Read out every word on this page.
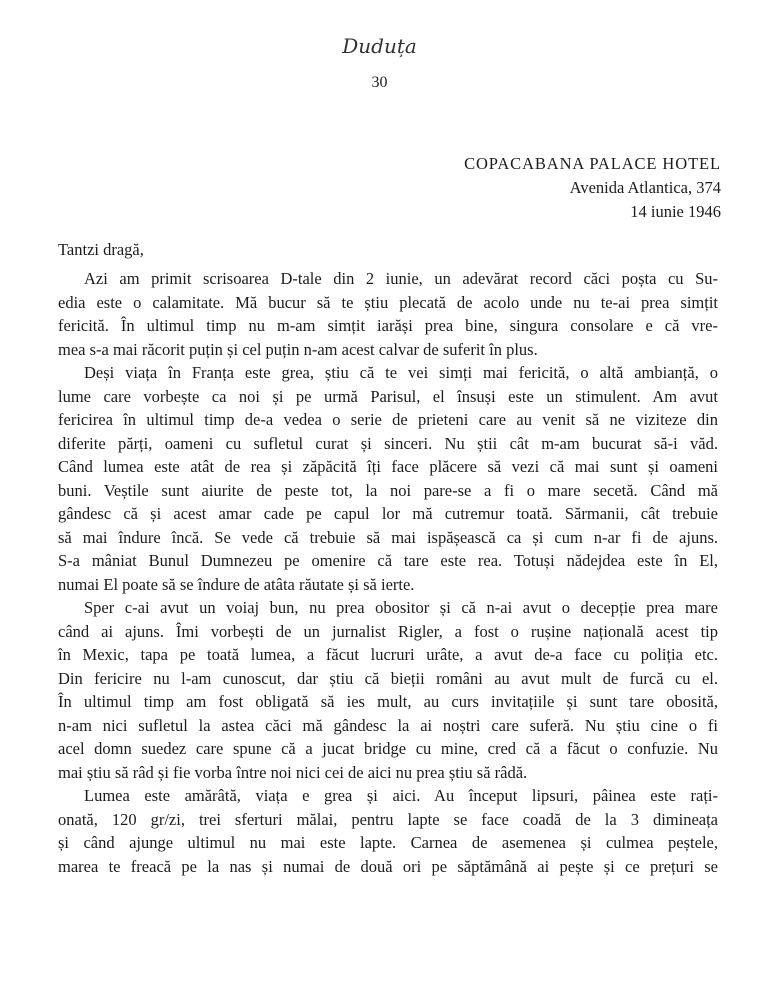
Duduța
30
COPACABANA PALACE HOTEL
Avenida Atlantica, 374
14 iunie 1946
Tantzi dragă,
Azi am primit scrisoarea D-tale din 2 iunie, un adevărat record căci poșta cu Su-
edia este o calamitate. Mă bucur să te știu plecată de acolo unde nu te-ai prea simțit
fericită. În ultimul timp nu m-am simțit iarăși prea bine, singura consolare e că vre-
mea s-a mai răcorit puțin și cel puțin n-am acest calvar de suferit în plus.
Deși viața în Franța este grea, știu că te vei simți mai fericită, o altă ambianță, o
lume care vorbește ca noi și pe urmă Parisul, el însuși este un stimulent. Am avut
fericirea în ultimul timp de-a vedea o serie de prieteni care au venit să ne viziteze din
diferite părți, oameni cu sufletul curat și sinceri. Nu știi cât m-am bucurat să-i văd.
Când lumea este atât de rea și zăpăcită îți face plăcere să vezi că mai sunt și oameni
buni. Veștile sunt aiurite de peste tot, la noi pare-se a fi o mare secetă. Când mă
gândesc că și acest amar cade pe capul lor mă cutremur toată. Sărmanii, cât trebuie
să mai îndure încă. Se vede că trebuie să mai ispășească ca și cum n-ar fi de ajuns.
S-a mâniat Bunul Dumnezeu pe omenire că tare este rea. Totuși nădejdea este în El,
numai El poate să se îndure de atâta răutate și să ierte.
Sper c-ai avut un voiaj bun, nu prea obositor și că n-ai avut o decepție prea mare
când ai ajuns. Îmi vorbești de un jurnalist Rigler, a fost o rușine națională acest tip
în Mexic, tapa pe toată lumea, a făcut lucruri urâte, a avut de-a face cu poliția etc.
Din fericire nu l-am cunoscut, dar știu că bieții români au avut mult de furcă cu el.
În ultimul timp am fost obligată să ies mult, au curs invitațiile și sunt tare obosită,
n-am nici sufletul la astea căci mă gândesc la ai noștri care suferă. Nu știu cine o fi
acel domn suedez care spune că a jucat bridge cu mine, cred că a făcut o confuzie. Nu
mai știu să râd și fie vorba între noi nici cei de aici nu prea știu să râdă.
Lumea este amărâtă, viața e grea și aici. Au început lipsuri, pâinea este rați-
onată, 120 gr/zi, trei sferturi mălai, pentru lapte se face coadă de la 3 dimineața
și când ajunge ultimul nu mai este lapte. Carnea de asemenea și culmea peștele,
marea te freacă pe la nas și numai de două ori pe săptămână ai pește și ce prețuri se
